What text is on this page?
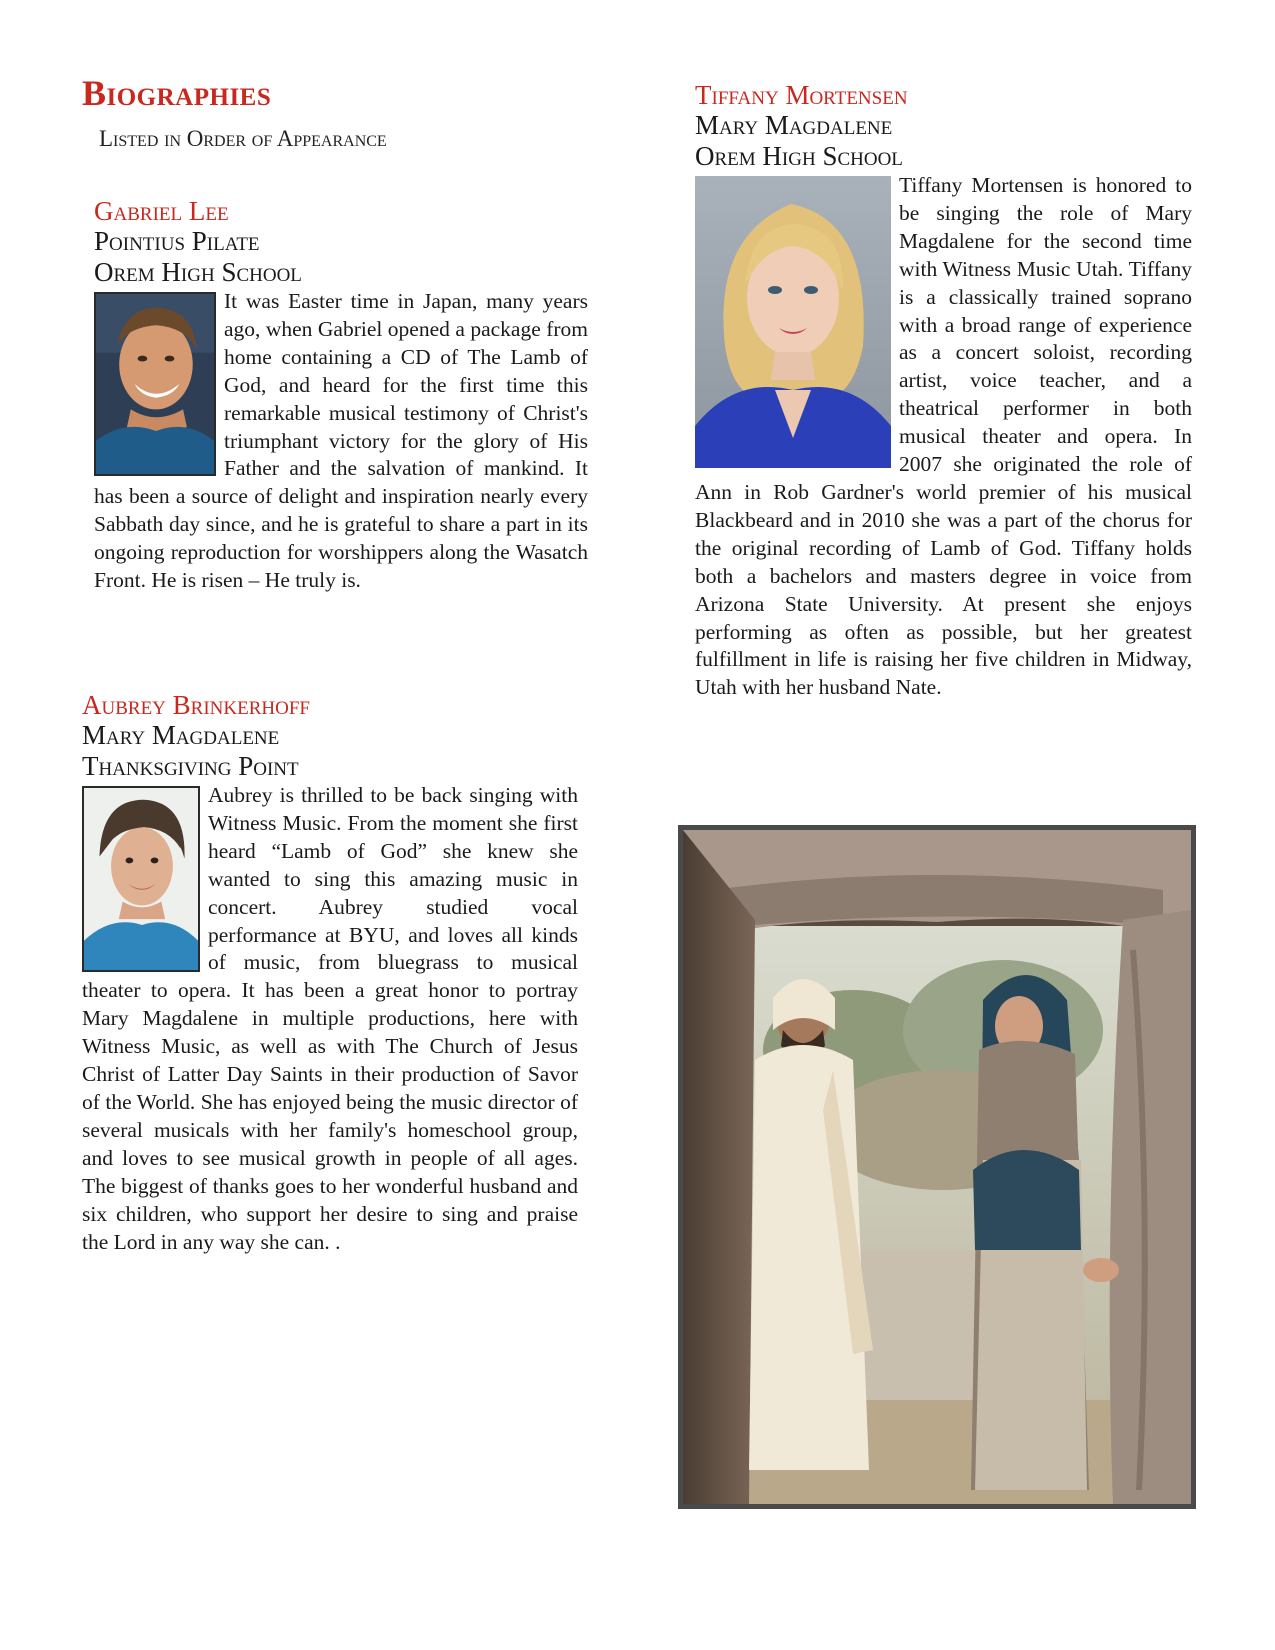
Biographies
Listed in Order of Appearance
Gabriel Lee
Pointius Pilate
Orem High School

It was Easter time in Japan, many years ago, when Gabriel opened a package from home containing a CD of The Lamb of God, and heard for the first time this remarkable musical testimony of Christ's triumphant victory for the glory of His Father and the salvation of mankind. It has been a source of delight and inspiration nearly every Sabbath day since, and he is grateful to share a part in its ongoing reproduction for worshippers along the Wasatch Front. He is risen – He truly is.

Aubrey Brinkerhoff
Mary Magdalene
Thanksgiving Point

Aubrey is thrilled to be back singing with Witness Music. From the moment she first heard “Lamb of God” she knew she wanted to sing this amazing music in concert. Aubrey studied vocal performance at BYU, and loves all kinds of music, from bluegrass to musical theater to opera. It has been a great honor to portray Mary Magdalene in multiple productions, here with Witness Music, as well as with The Church of Jesus Christ of Latter Day Saints in their production of Savor of the World. She has enjoyed being the music director of several musicals with her family's homeschool group, and loves to see musical growth in people of all ages. The biggest of thanks goes to her wonderful husband and six children, who support her desire to sing and praise the Lord in any way she can. .

Tiffany Mortensen
Mary Magdalene
Orem High School

Tiffany Mortensen is honored to be singing the role of Mary Magdalene for the second time with Witness Music Utah. Tiffany is a classically trained soprano with a broad range of experience as a concert soloist, recording artist, voice teacher, and a theatrical performer in both musical theater and opera. In 2007 she originated the role of Ann in Rob Gardner's world premier of his musical Blackbeard and in 2010 she was a part of the chorus for the original recording of Lamb of God. Tiffany holds both a bachelors and masters degree in voice from Arizona State University. At present she enjoys performing as often as possible, but her greatest fulfillment in life is raising her five children in Midway, Utah with her husband Nate.
